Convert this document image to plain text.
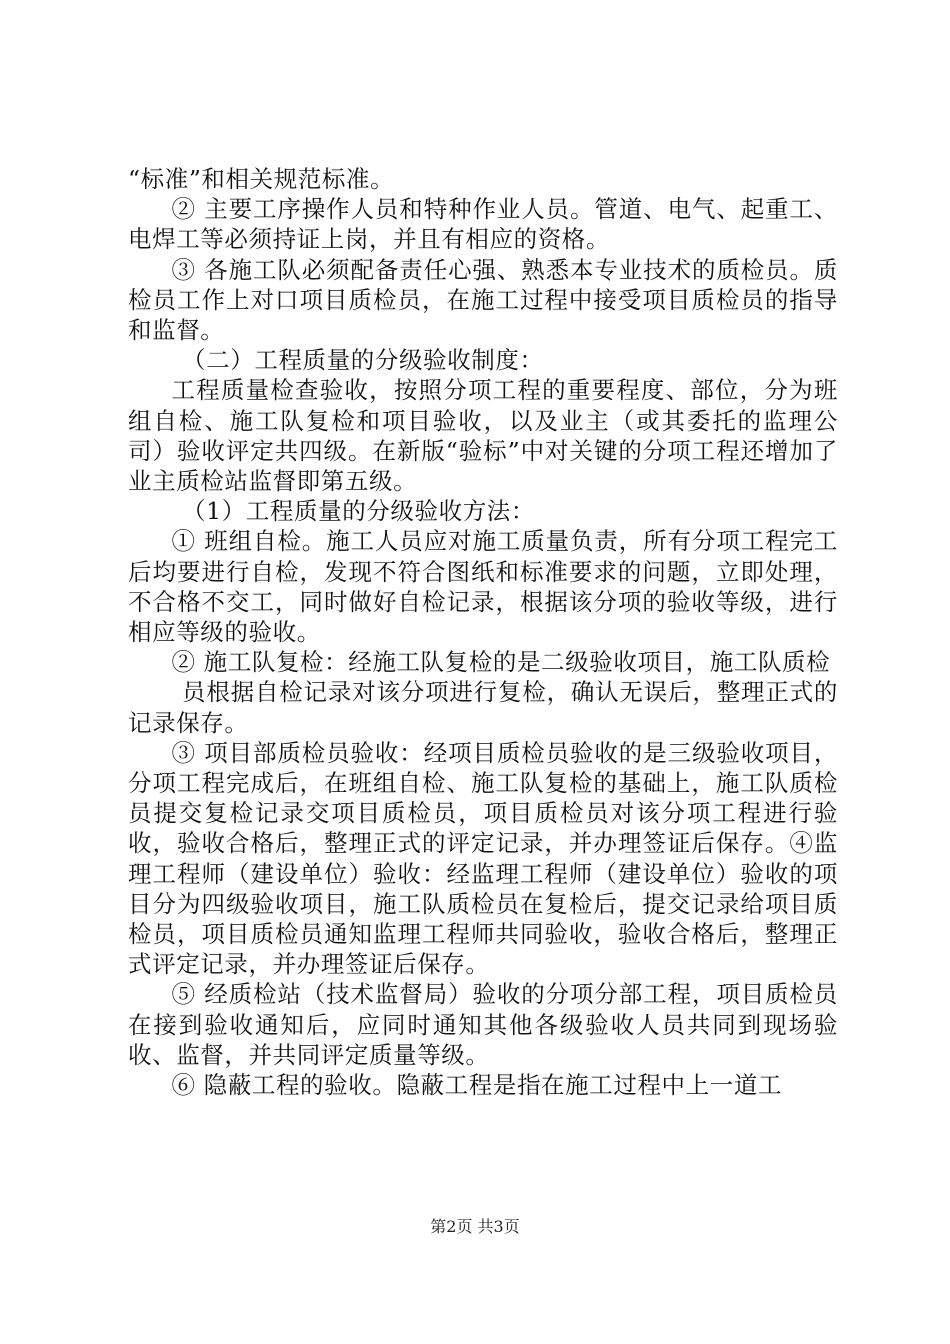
“标准”和相关规范标准。

② 主要工序操作人员和特种作业人员。管道、电气、起重工、电焊工等必须持证上岗，并且有相应的资格。

③ 各施工队必须配备责任心强、熟悉本专业技术的质检员。质检员工作上对口项目质检员，在施工过程中接受项目质检员的指导和监督。

（二）工程质量的分级验收制度：

工程质量检查验收，按照分项工程的重要程度、部位，分为班组自检、施工队复检和项目验收，以及业主（或其委托的监理公司）验收评定共四级。在新版“验标”中对关键的分项工程还增加了业主质检站监督即第五级。

（1）工程质量的分级验收方法：

① 班组自检。施工人员应对施工质量负责，所有分项工程完工后均要进行自检，发现不符合图纸和标准要求的问题，立即处理，不合格不交工，同时做好自检记录，根据该分项的验收等级，进行相应等级的验收。

② 施工队复检：经施工队复检的是二级验收项目，施工队质检

员根据自检记录对该分项进行复检，确认无误后，整理正式的记录保存。

③ 项目部质检员验收：经项目质检员验收的是三级验收项目，分项工程完成后，在班组自检、施工队复检的基础上，施工队质检员提交复检记录交项目质检员，项目质检员对该分项工程进行验收，验收合格后，整理正式的评定记录，并办理签证后保存。④监理工程师（建设单位）验收：经监理工程师（建设单位）验收的项目分为四级验收项目，施工队质检员在复检后，提交记录给项目质检员，项目质检员通知监理工程师共同验收，验收合格后，整理正式评定记录，并办理签证后保存。

⑤ 经质检站（技术监督局）验收的分项分部工程，项目质检员在接到验收通知后，应同时通知其他各级验收人员共同到现场验收、监督，并共同评定质量等级。

⑥ 隐蔽工程的验收。隐蔽工程是指在施工过程中上一道工

第2页 共3页
